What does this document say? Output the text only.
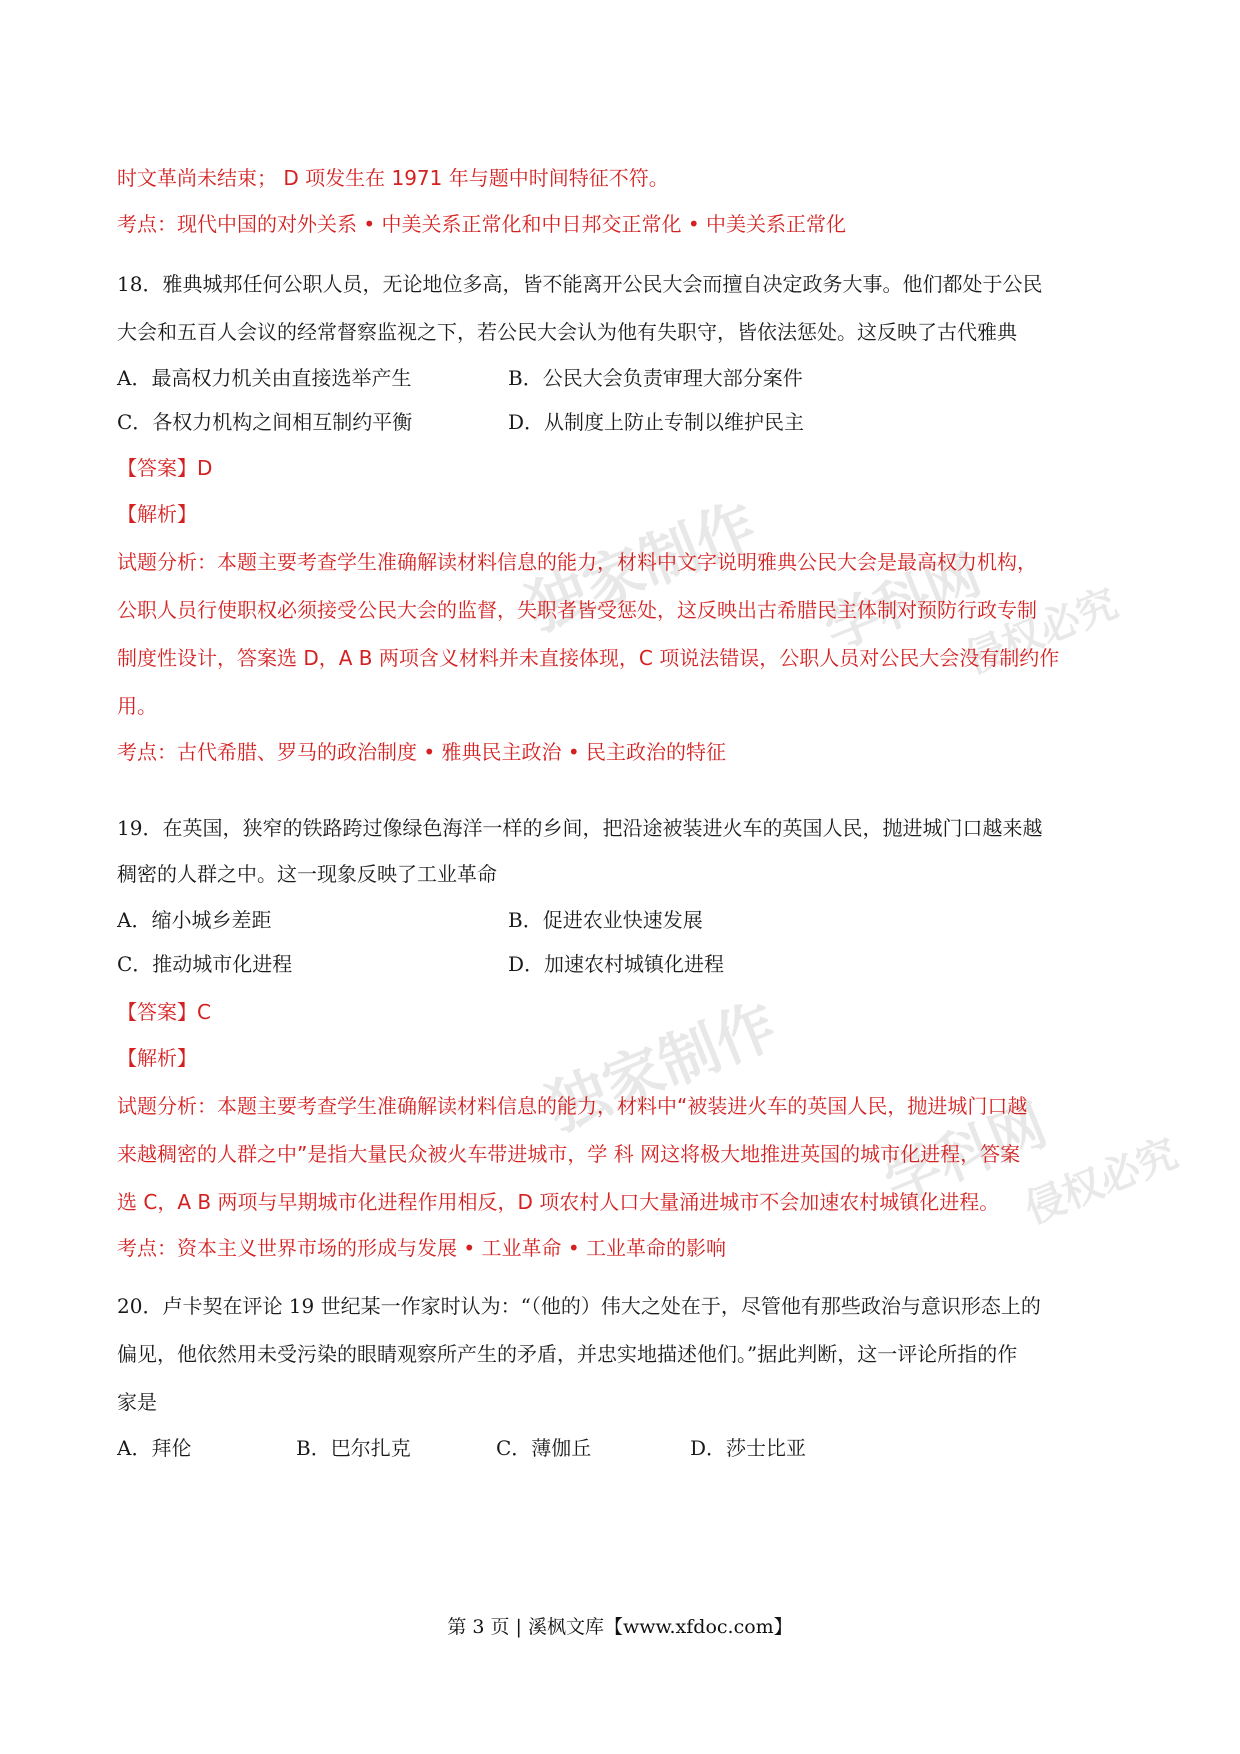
独家制作 学科网
侵权必究
独家制作
学科网
侵权必究
时文革尚未结束； D 项发生在 1971 年与题中时间特征不符。
考点：现代中国的对外关系 • 中美关系正常化和中日邦交正常化 • 中美关系正常化
18．雅典城邦任何公职人员，无论地位多高，皆不能离开公民大会而擅自决定政务大事。他们都处于公民
大会和五百人会议的经常督察监视之下，若公民大会认为他有失职守，皆依法惩处。这反映了古代雅典
A．最高权力机关由直接选举产生	B．公民大会负责审理大部分案件
C．各权力机构之间相互制约平衡	D．从制度上防止专制以维护民主
【答案】D
【解析】
试题分析：本题主要考查学生准确解读材料信息的能力，材料中文字说明雅典公民大会是最高权力机构，
公职人员行使职权必须接受公民大会的监督，失职者皆受惩处，这反映出古希腊民主体制对预防行政专制
制度性设计，答案选 D，A B 两项含义材料并未直接体现，C 项说法错误，公职人员对公民大会没有制约作
用。
考点：古代希腊、罗马的政治制度 • 雅典民主政治 • 民主政治的特征
19．在英国，狭窄的铁路跨过像绿色海洋一样的乡间，把沿途被装进火车的英国人民，抛进城门口越来越
稠密的人群之中。这一现象反映了工业革命
A．缩小城乡差距	B．促进农业快速发展
C．推动城市化进程	D．加速农村城镇化进程
【答案】C
【解析】
试题分析：本题主要考查学生准确解读材料信息的能力，材料中“被装进火车的英国人民，抛进城门口越
来越稠密的人群之中”是指大量民众被火车带进城市，学 科 网这将极大地推进英国的城市化进程，答案
选 C，A B 两项与早期城市化进程作用相反，D 项农村人口大量涌进城市不会加速农村城镇化进程。
考点：资本主义世界市场的形成与发展 • 工业革命 • 工业革命的影响
20．卢卡契在评论 19 世纪某一作家时认为：“（他的）伟大之处在于，尽管他有那些政治与意识形态上的
偏见，他依然用未受污染的眼睛观察所产生的矛盾，并忠实地描述他们。”据此判断，这一评论所指的作
家是
A．拜伦	B．巴尔扎克	C．薄伽丘	D．莎士比亚
第 3 页 | 溪枫文库【www.xfdoc.com】
